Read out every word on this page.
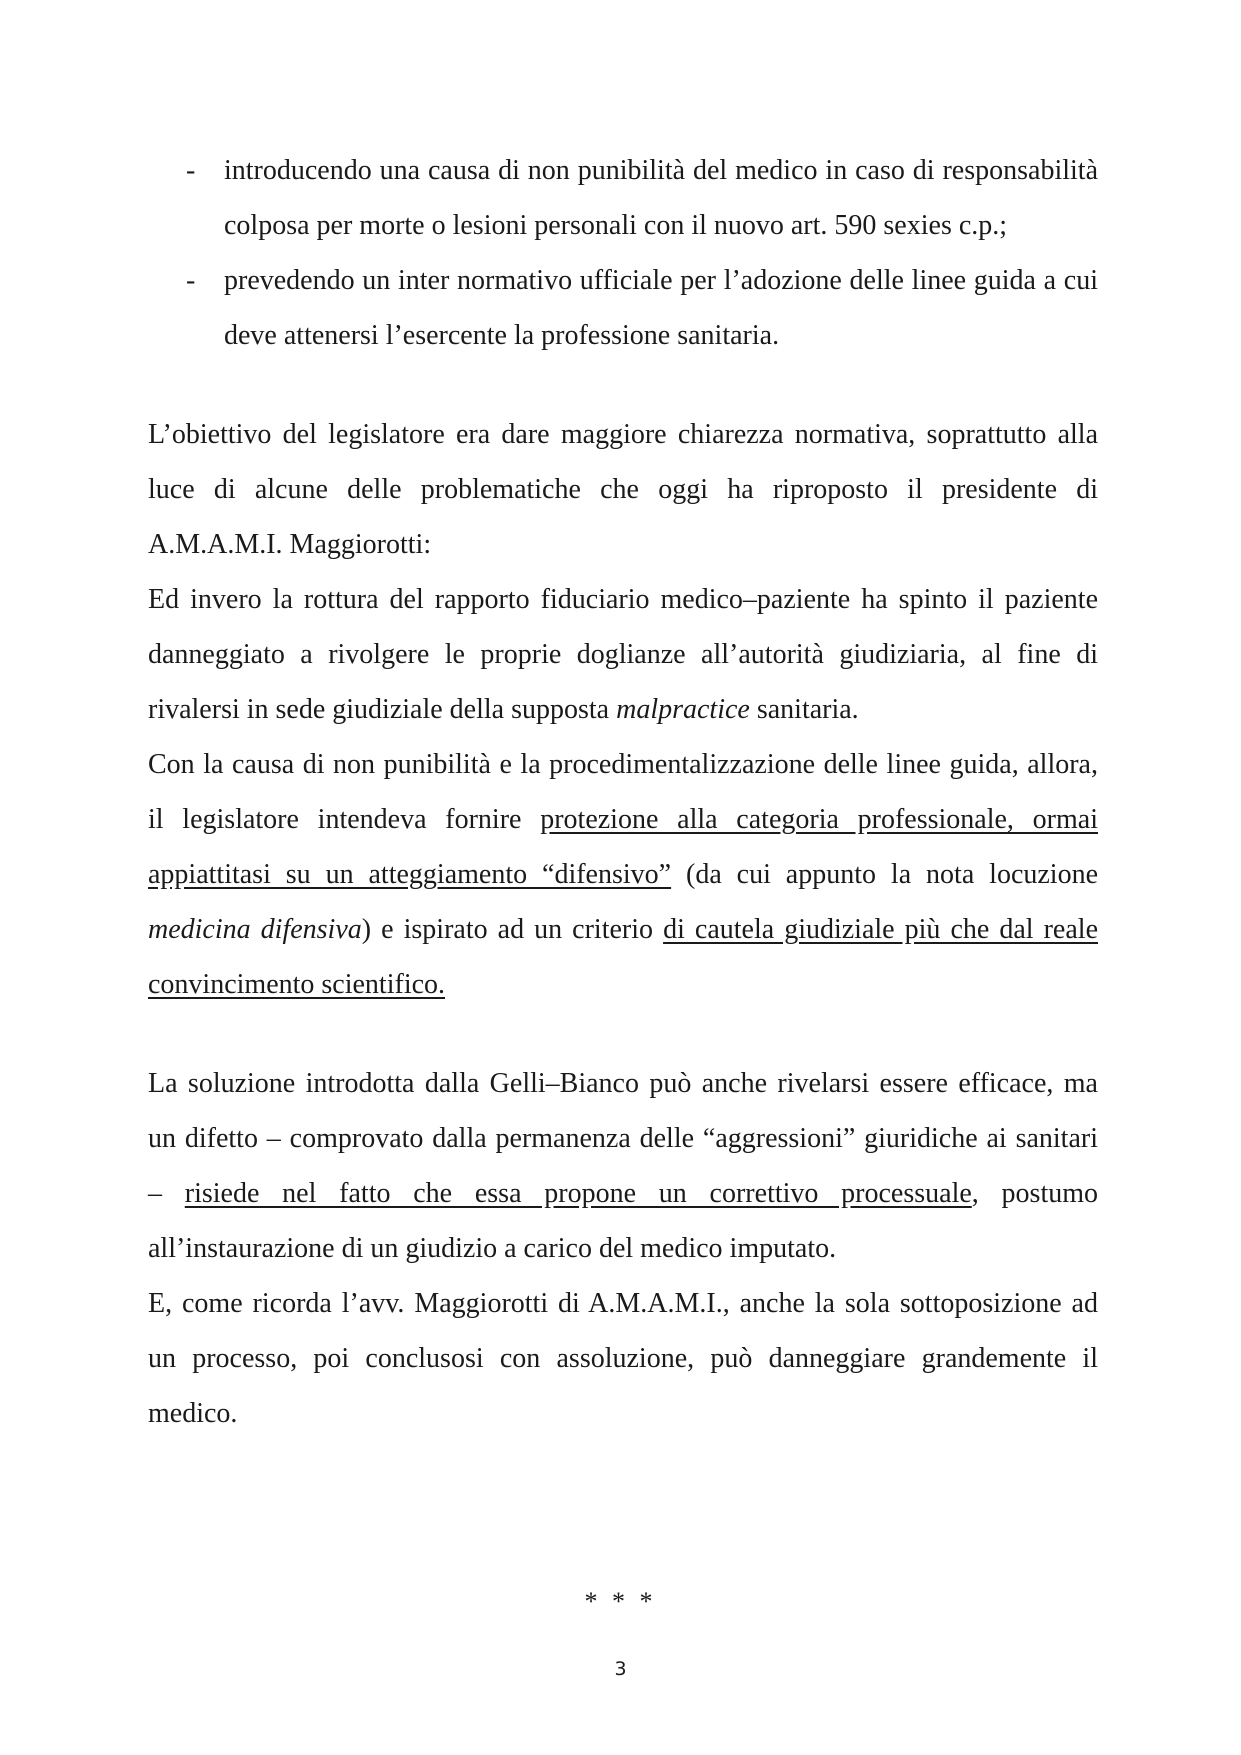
-	introducendo una causa di non punibilità del medico in caso di responsabilità colposa per morte o lesioni personali con il nuovo art. 590 sexies c.p.;
-	prevedendo un inter normativo ufficiale per l’adozione delle linee guida a cui deve attenersi l’esercente la professione sanitaria.

L’obiettivo del legislatore era dare maggiore chiarezza normativa, soprattutto alla luce di alcune delle problematiche che oggi ha riproposto il presidente di A.M.A.M.I. Maggiorotti:

Ed invero la rottura del rapporto fiduciario medico–paziente ha spinto il paziente danneggiato a rivolgere le proprie doglianze all’autorità giudiziaria, al fine di rivalersi in sede giudiziale della supposta malpractice sanitaria.

Con la causa di non punibilità e la procedimentalizzazione delle linee guida, allora, il legislatore intendeva fornire protezione alla categoria professionale, ormai appiattitasi su un atteggiamento “difensivo” (da cui appunto la nota locuzione medicina difensiva) e ispirato ad un criterio di cautela giudiziale più che dal reale convincimento scientifico.

La soluzione introdotta dalla Gelli–Bianco può anche rivelarsi essere efficace, ma un difetto – comprovato dalla permanenza delle “aggressioni” giuridiche ai sanitari – risiede nel fatto che essa propone un correttivo processuale, postumo all’instaurazione di un giudizio a carico del medico imputato.

E, come ricorda l’avv. Maggiorotti di A.M.A.M.I., anche la sola sottoposizione ad un processo, poi conclusosi con assoluzione, può danneggiare grandemente il medico.

* * *
3
